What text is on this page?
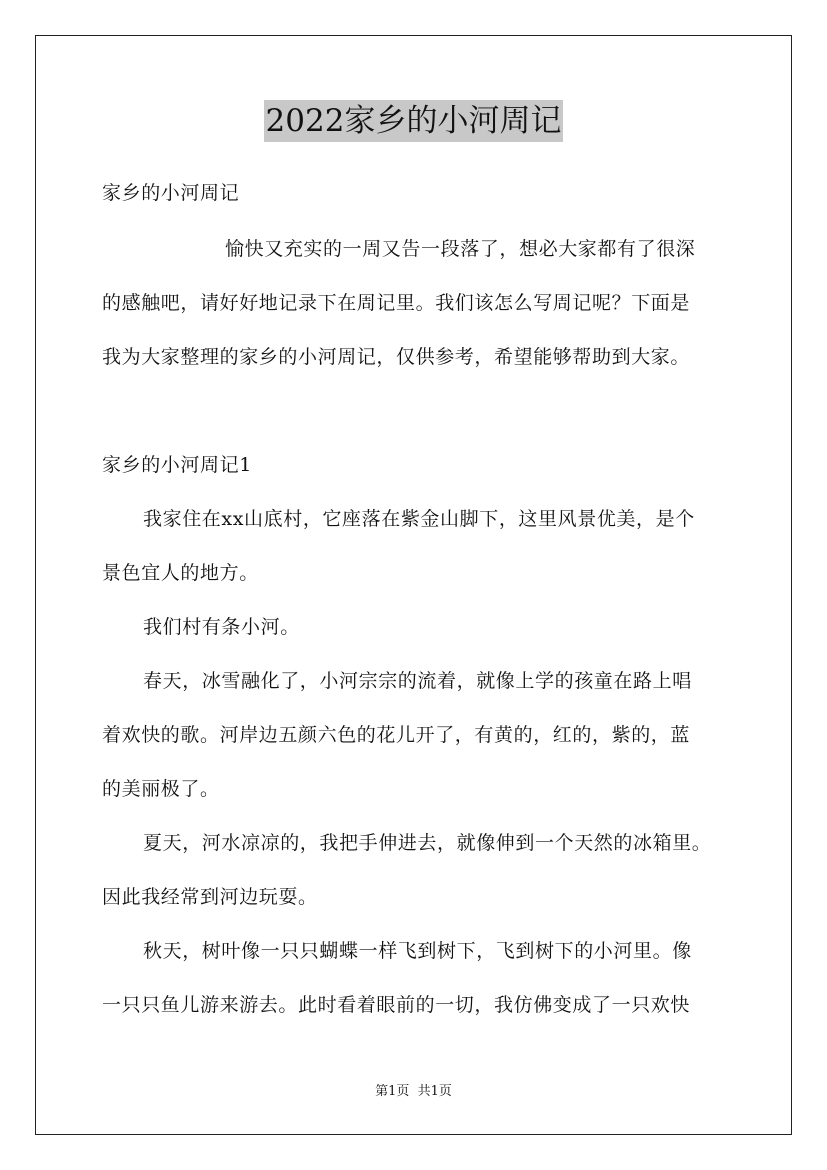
2022家乡的小河周记
家乡的小河周记
愉快又充实的一周又告一段落了，想必大家都有了很深
的感触吧，请好好地记录下在周记里。我们该怎么写周记呢？下面是
我为大家整理的家乡的小河周记，仅供参考，希望能够帮助到大家。
家乡的小河周记1
我家住在xx山底村，它座落在紫金山脚下，这里风景优美，是个
景色宜人的地方。
我们村有条小河。
春天，冰雪融化了，小河宗宗的流着，就像上学的孩童在路上唱
着欢快的歌。河岸边五颜六色的花儿开了，有黄的，红的，紫的，蓝
的美丽极了。
夏天，河水凉凉的，我把手伸进去，就像伸到一个天然的冰箱里。
因此我经常到河边玩耍。
秋天，树叶像一只只蝴蝶一样飞到树下，飞到树下的小河里。像
一只只鱼儿游来游去。此时看着眼前的一切，我仿佛变成了一只欢快
第1页  共1页
